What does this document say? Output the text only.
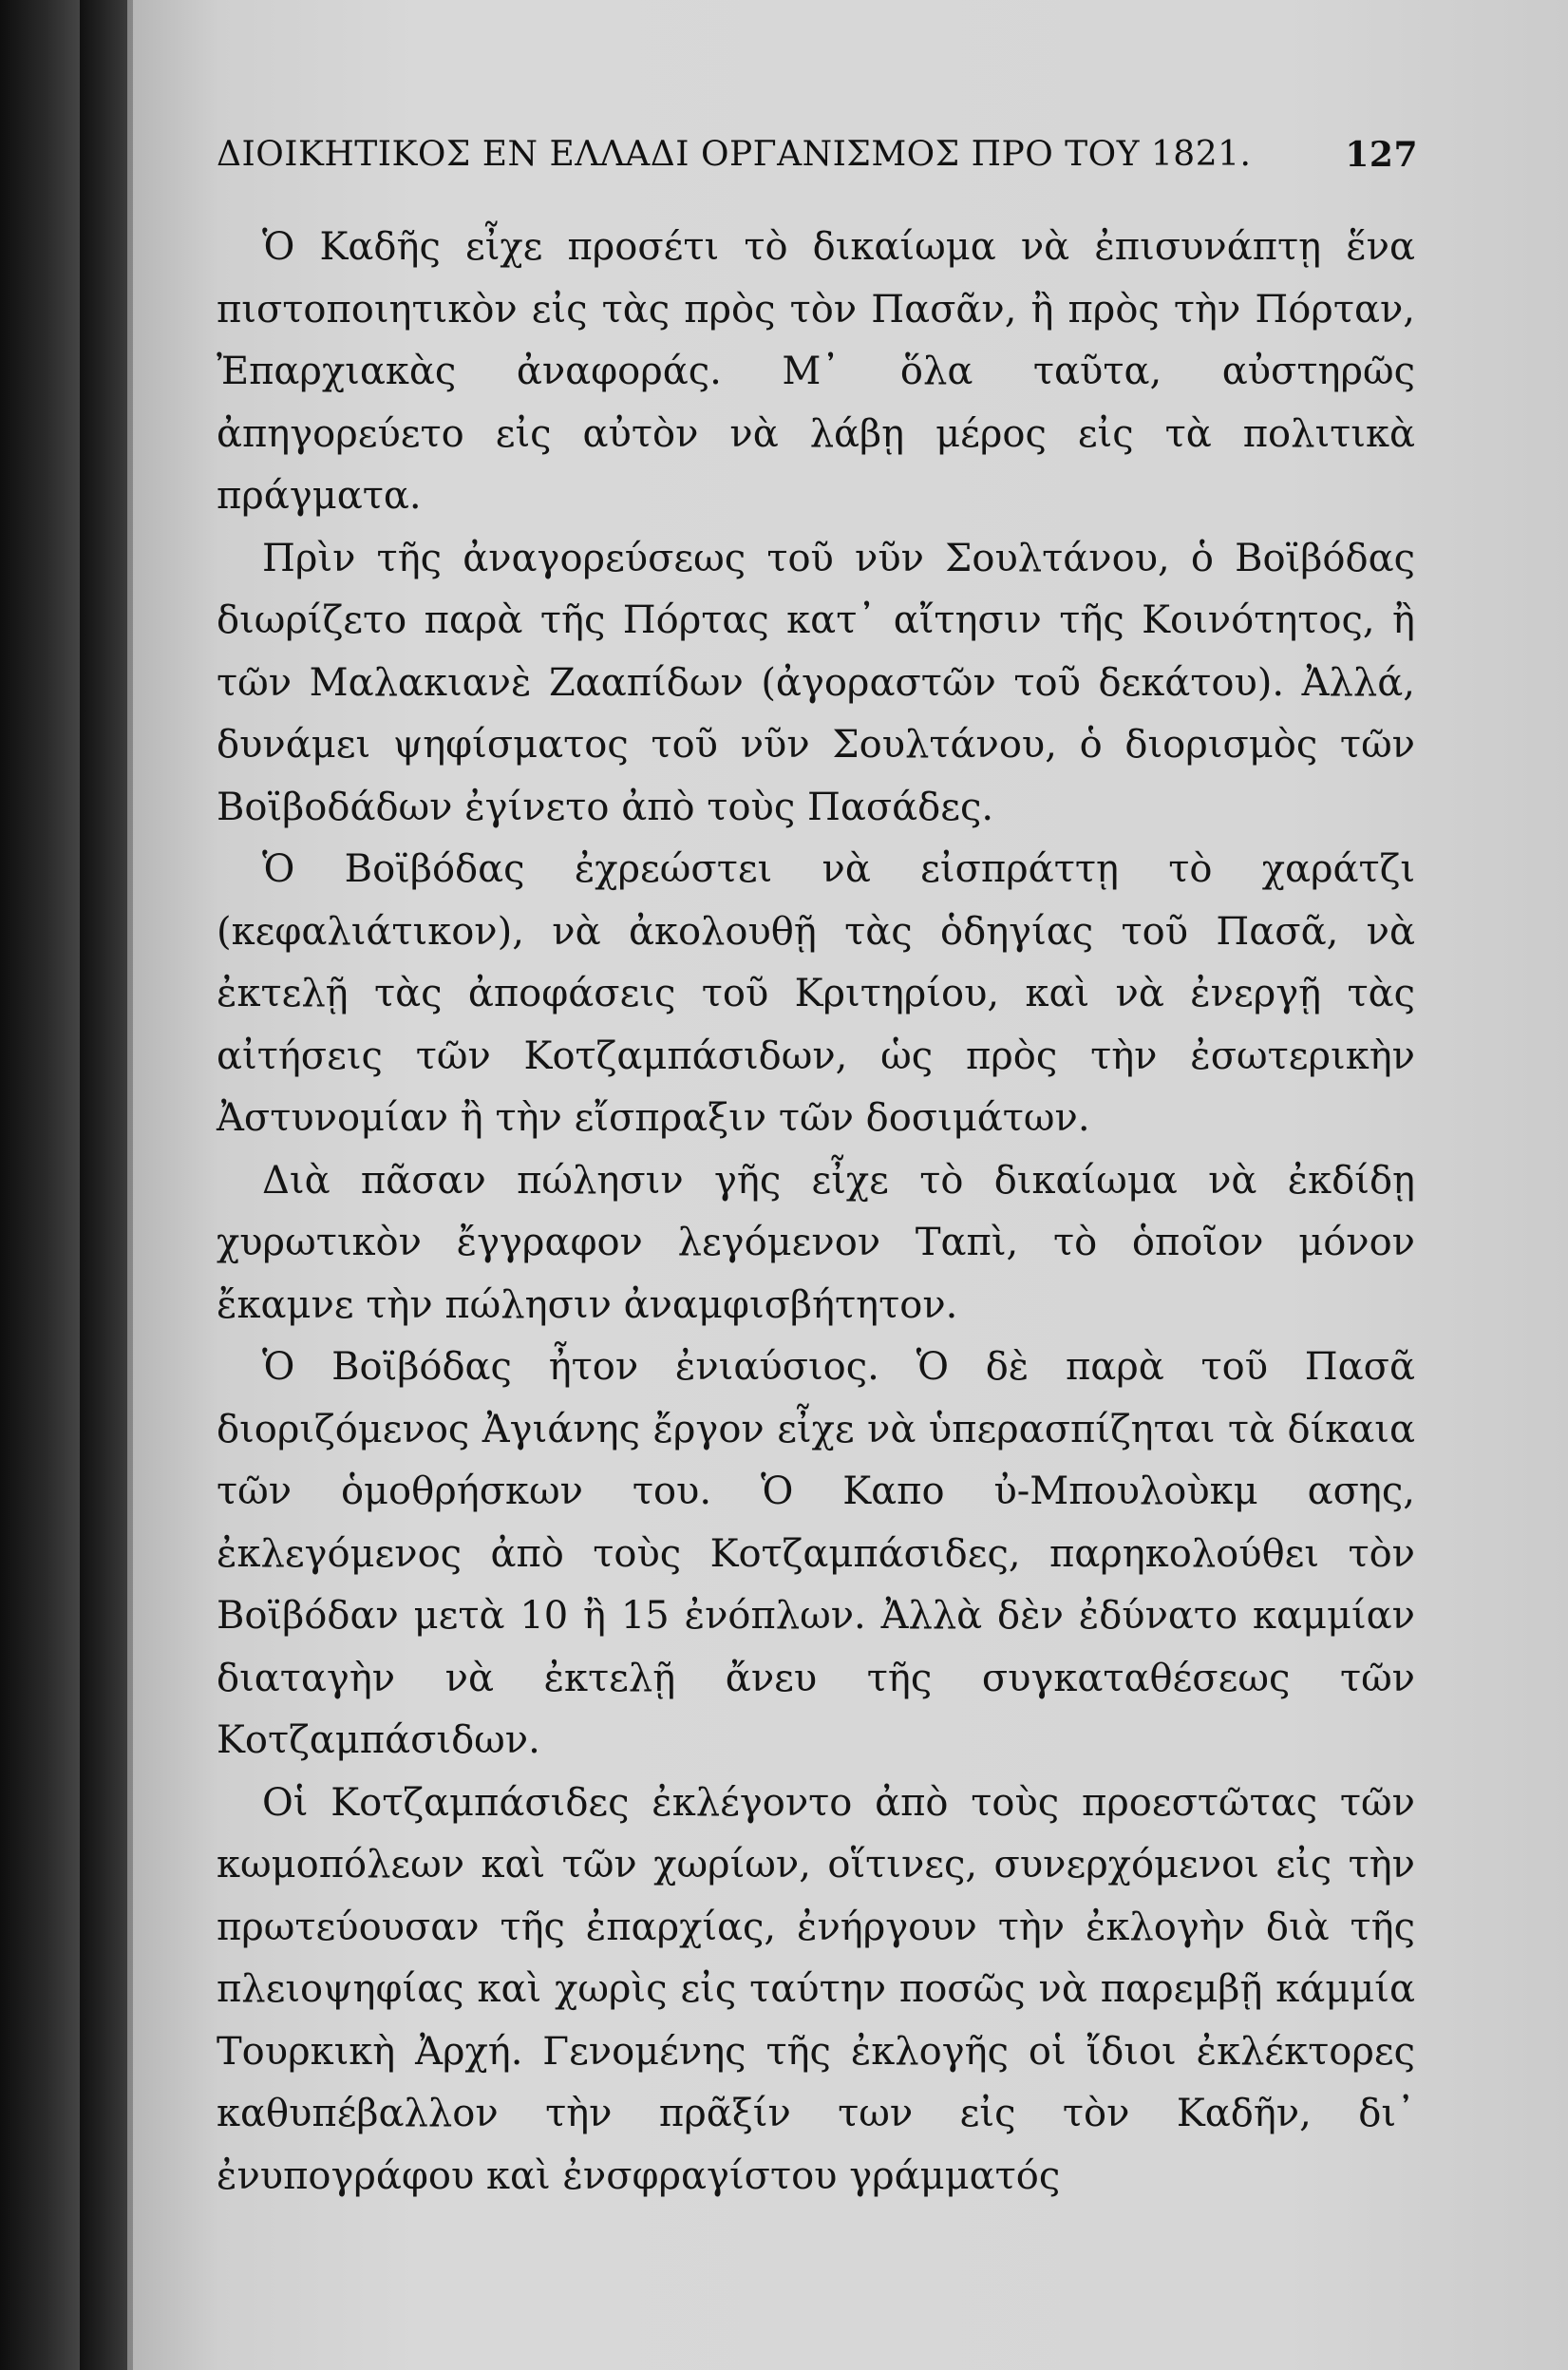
ΔΙΟΙΚΗΤΙΚΟΣ ΕΝ ΕΛΛΑΔΙ ΟΡΓΑΝΙΣΜΟΣ ΠΡΟ ΤΟΥ 1821.	127

Ὁ Καδῆς εἶχε προσέτι τὸ δικαίωμα νὰ ἐπισυνάπτῃ ἕνα πιστοποιητικὸν εἰς τὰς πρὸς τὸν Πασᾶν, ἢ πρὸς τὴν Πόρταν, Ἐπαρχιακὰς ἀναφοράς. Μ᾽ ὅλα ταῦτα, αὐστηρῶς ἀπηγορεύετο εἰς αὐτὸν νὰ λάβῃ μέρος εἰς τὰ πολιτικὰ πράγματα.

Πρὶν τῆς ἀναγορεύσεως τοῦ νῦν Σουλτάνου, ὁ Βοϊβόδας διωρίζετο παρὰ τῆς Πόρτας κατ᾽ αἴτησιν τῆς Κοινότητος, ἢ τῶν Μαλακιανὲ Ζααπίδων (ἀγοραστῶν τοῦ δεκάτου). Ἀλλά, δυνάμει ψηφίσματος τοῦ νῦν Σουλτάνου, ὁ διορισμὸς τῶν Βοϊβοδάδων ἐγίνετο ἀπὸ τοὺς Πασάδες.

Ὁ Βοϊβόδας ἐχρεώστει νὰ εἰσπράττῃ τὸ χαράτζι (κεφαλιάτικον), νὰ ἀκολουθῇ τὰς ὁδηγίας τοῦ Πασᾶ, νὰ ἐκτελῇ τὰς ἀποφάσεις τοῦ Κριτηρίου, καὶ νὰ ἐνεργῇ τὰς αἰτήσεις τῶν Κοτζαμπάσιδων, ὡς πρὸς τὴν ἐσωτερικὴν Ἀστυνομίαν ἢ τὴν εἴσπραξιν τῶν δοσιμάτων.

Διὰ πᾶσαν πώλησιν γῆς εἶχε τὸ δικαίωμα νὰ ἐκδίδῃ χυρωτικὸν ἔγγραφον λεγόμενον Ταπὶ, τὸ ὁποῖον μόνον ἔκαμνε τὴν πώλησιν ἀναμφισβήτητον.

Ὁ Βοϊβόδας ἦτον ἐνιαύσιος. Ὁ δὲ παρὰ τοῦ Πασᾶ διοριζόμενος Ἀγιάνης ἔργον εἶχε νὰ ὑπερασπίζηται τὰ δίκαια τῶν ὁμοθρήσκων του. Ὁ Καπο ὐ-Μπουλοὺκμ ασης, ἐκλεγόμενος ἀπὸ τοὺς Κοτζαμπάσιδες, παρηκολούθει τὸν Βοϊβόδαν μετὰ 10 ἢ 15 ἐνόπλων. Ἀλλὰ δὲν ἐδύνατο καμμίαν διαταγὴν νὰ ἐκτελῇ ἄνευ τῆς συγκαταθέσεως τῶν Κοτζαμπάσιδων.

Οἱ Κοτζαμπάσιδες ἐκλέγοντο ἀπὸ τοὺς προεστῶτας τῶν κωμοπόλεων καὶ τῶν χωρίων, οἵτινες, συνερχόμενοι εἰς τὴν πρωτεύουσαν τῆς ἐπαρχίας, ἐνήργουν τὴν ἐκλογὴν διὰ τῆς πλειοψηφίας καὶ χωρὶς εἰς ταύτην ποσῶς νὰ παρεμβῇ κάμμία Τουρκικὴ Ἀρχή. Γενομένης τῆς ἐκλογῆς οἱ ἴδιοι ἐκλέκτορες καθυπέβαλλον τὴν πρᾶξίν των εἰς τὸν Καδῆν, δι᾽ ἐνυπογράφου καὶ ἐνσφραγίστου γράμματός
